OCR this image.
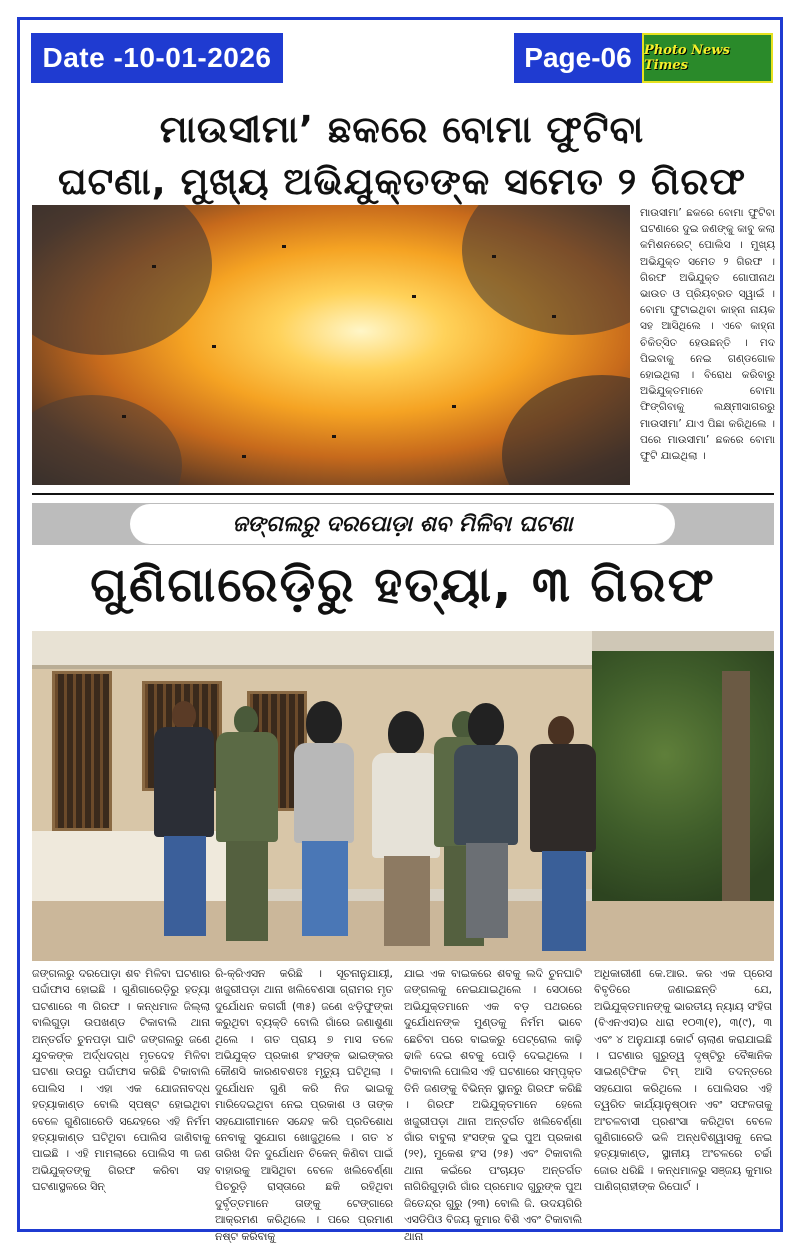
Date -10-01-2026	Page-06 Photo News Times
ମାଉସୀମା’ ଛକରେ ବୋମା ଫୁଟିବା
ଘଟଣା, ମୁଖ୍ୟ ଅଭିଯୁକ୍ତଙ୍କ ସମେତ ୨ ଗିରଫ
ମାଉସୀମା’ ଛକରେ ବୋମା ଫୁଟିବା ଘଟଣାରେ ଦୁଇ ଜଣଙ୍କୁ କାବୁ କଲା କମିଶନରେଟ୍ ପୋଲିସ । ମୁଖ୍ୟ ଅଭିଯୁକ୍ତ ସମେତ ୨ ଗିରଫ । ଗିରଫ ଅଭିଯୁକ୍ତ ଗୋପୀନାଥ ଭାଉତ ଓ ପ୍ରିୟବ୍ରତ ସ୍ୱାଇଁ । ବୋମା ଫୁଟାଇଥିବା କାହ୍ନା ନାୟକ ସହ ଆସିଥିଲେ । ଏବେ କାହ୍ନା ଚିକିତ୍ସିତ ହେଉଛନ୍ତି । ମଦ ପିଇବାକୁ ନେଇ ଗଣ୍ଡଗୋଳ ହୋଇଥିଲା । ବିରୋଧ କରିବାରୁ ଅଭିଯୁକ୍ତମାନେ ବୋମା ଫିଙ୍ଗିବାକୁ ଲକ୍ଷ୍ମୀସାଗରରୁ ମାଉସୀମା’ ଯାଏ ପିଛା କରିଥିଲେ । ପରେ ମାଉସୀମା’ ଛକରେ ବୋମା ଫୁଟି ଯାଇଥିଲା ।
ଜଙ୍ଗଲରୁ ଦରପୋଡ଼ା ଶବ ମିଳିବା ଘଟଣା
ଗୁଣିଗାରେଡ଼ିରୁ ହତ୍ୟା, ୩ ଗିରଫ
ଜଙ୍ଗଲରୁ ଦରପୋଡ଼ା ଶବ ମିଳିବା ଘଟଣାର ପର୍ଦ୍ଦାଫାସ ହୋଇଛି । ଗୁଣିଗାରେଡ଼ିରୁ ହତ୍ୟା ଘଟଣାରେ ୩ ଗିରଫ । କନ୍ଧମାଳ ଜିଲ୍ଲା ବାଲିଗୁଡ଼ା ଉପଖଣ୍ଡ ଟିକାବାଲି ଥାନା ଅନ୍ତର୍ଗତ ଚୁନପଡ଼ା ଘାଟି ଜଙ୍ଗଲରୁ ଜଣେ ଯୁବକଙ୍କ ଅର୍ଦ୍ଧଦଗ୍ଧ ମୃତଦେହ ମିଳିବା ଘଟଣା ଉପରୁ ପର୍ଦ୍ଦାଫାସ କରିଛି ଟିକାବାଲି ପୋଲିସ । ଏହା ଏକ ଯୋଜନାବଦ୍ଧ ହତ୍ୟାକାଣ୍ଡ ବୋଲି ସ୍ପଷ୍ଟ ହୋଇଥିବା ବେଳେ ଗୁଣିଗାରେଡି ସନ୍ଦେହରେ ଏହି ନିର୍ମମ ହତ୍ୟାକାଣ୍ଡ ଘଟିଥିବା ପୋଲିସ ଜାଣିବାକୁ ପାଇଛି । ଏହି ମାମଲାରେ ପୋଲିସ ୩ ଜଣ ଅଭିଯୁକ୍ତଙ୍କୁ ଗିରଫ କରିବା ସହ ଘଟଣାସ୍ଥଳରେ ସିନ୍
ରି-କ୍ରିଏସନ କରିଛି । ସୂଚନାନୁଯାୟୀ, ଖଜୁରୀପଡ଼ା ଥାନା ଖଲିବେଣସା ଗ୍ରାମର ମୃତ ଦୁର୍ଯୋଧନ କଗର୍ଗୀ (୩୫) ଜଣେ ଝଡ଼ିଫୁଙ୍କା କରୁଥିବା ବ୍ୟକ୍ତି ବୋଲି ଗାଁରେ ଜଣାଶୁଣା ଥିଲେ । ଗତ ପ୍ରାୟ ୭ ମାସ ତଳେ ଅଭିଯୁକ୍ତ ପ୍ରକାଶ ହଂସଙ୍କ ଭାଇଙ୍କର କୌଣସି କାରଣବଶତଃ ମୃତ୍ୟୁ ଘଟିଥିଲା । ଦୁର୍ଯୋଧନ ଗୁଣି କରି ନିଜ ଭାଇକୁ ମାରିଦେଇଥିବା ନେଇ ପ୍ରକାଶ ଓ ତାଙ୍କ ସହଯୋଗୀମାନେ ସନ୍ଦେହ କରି ପ୍ରତିଶୋଧ ନେବାକୁ ସୁଯୋଗ ଖୋଜୁଥିଲେ । ଗତ ୪ ତାରିଖ ଦିନ ଦୁର୍ଯୋଧନ ଚିକେନ୍ କିଣିବା ପାଇଁ ବାହାରକୁ ଆସିଥିବା ବେଳେ ଖଲିବେର୍ଣ୍ଣା ପିଚରୁଡ଼ି ରାସ୍ତାରେ ଛକି ରହିଥିବା ଦୁର୍ବୃତ୍ତମାନେ ତାଙ୍କୁ ଟେଙ୍ଗାରେ ଆକ୍ରମଣ କରିଥିଲେ । ପରେ ପ୍ରମାଣ ନଷ୍ଟ କରିବାକୁ
ଯାଇ ଏକ ବାଇକରେ ଶବକୁ ଲଦି ଚୁନଘାଟି ଜଙ୍ଗଲକୁ ନେଇଯାଇଥିଲେ । ସେଠାରେ ଅଭିଯୁକ୍ତମାନେ ଏକ ବଡ଼ ପଥରରେ ଦୁର୍ଯୋଧନଙ୍କ ମୁଣ୍ଡକୁ ନିର୍ମମ ଭାବେ ଛେଚିବା ପରେ ବାଇକରୁ ପେଟ୍ରୋଲ କାଢ଼ି ଢାଳି ଦେଇ ଶବକୁ ପୋଡ଼ି ଦେଇଥିଲେ । ଟିକାବାଲି ପୋଲିସ ଏହି ଘଟଣାରେ ସମ୍ପୃକ୍ତ ତିନି ଜଣଙ୍କୁ ବିଭିନ୍ନ ସ୍ଥାନରୁ ଗିରଫ କରିଛି । ଗିରଫ ଅଭିଯୁକ୍ତମାନେ ହେଲେ ଖଜୁରୀପଡ଼ା ଥାନା ଅନ୍ତର୍ଗତ ଖଲିବେର୍ଣ୍ଣା ଗାଁର ବାବୁଲା ହଂସଙ୍କ ଦୁଇ ପୁଅ ପ୍ରକାଶ (୨୧), ମୁକେଶ ହଂସ (୨୫) ଏବଂ ଟିକାବାଲି ଥାନା କଇଁରେ ପଂଚାୟତ ଅନ୍ତର୍ଗତ ନାଗିରିଗୁଡ଼ାରି ଗାଁର ପ୍ରମୋଦ ଗୁରୁଙ୍କ ପୁଅ ଜିତେନ୍ଦ୍ର ଗୁରୁ (୨୩) ବୋଲି ଜି. ଉଦୟଗିରି ଏସଡିପିଓ ବିଜୟ କୁମାର ବିଶି ଏବଂ ଟିକାବାଲି ଥାନା
ଅଧିକାରୀଣୀ କେ.ଆର. କର ଏକ ପ୍ରେସ ବିବୃତିରେ ଜଣାଇଛନ୍ତି ଯେ, ଅଭିଯୁକ୍ତମାନଙ୍କୁ ଭାରତୀୟ ନ୍ୟାୟ ସଂହିତା (ବିଏନଏସ)ର ଧାରା ୧୦୩(୧), ୩(୯), ୩ ଏବଂ ୪ ଅନୁଯାୟୀ କୋର୍ଟ ଚାଲାଣ କରାଯାଇଛି । ଘଟଣାର ଗୁରୁତ୍ୱ ଦୃଷ୍ଟିରୁ ବୈଜ୍ଞାନିକ ସାଇଣ୍ଟିଫିକ ଟିମ୍ ଆସି ତଦନ୍ତରେ ସହଯୋଗ କରିଥିଲେ । ପୋଲିସର ଏହି ତ୍ୱରିତ କାର୍ଯ୍ୟାନୁଷ୍ଠାନ ଏବଂ ସଫଳତାକୁ ଅଂଚଳବାସୀ ପ୍ରଶଂସା କରିଥିବା ବେଳେ ଗୁଣିଗାରେଡି ଭଳି ଅନ୍ଧବିଶ୍ୱାସକୁ ନେଇ ହତ୍ୟାକାଣ୍ଡ, ସ୍ଥାନୀୟ ଅଂଚଳରେ ଚର୍ଚ୍ଚା ଜୋର ଧରିଛି । କନ୍ଧମାଳରୁ ସଞ୍ଜୟ କୁମାର ପାଣିଗ୍ରାହୀଙ୍କ ରିପୋର୍ଟ ।
